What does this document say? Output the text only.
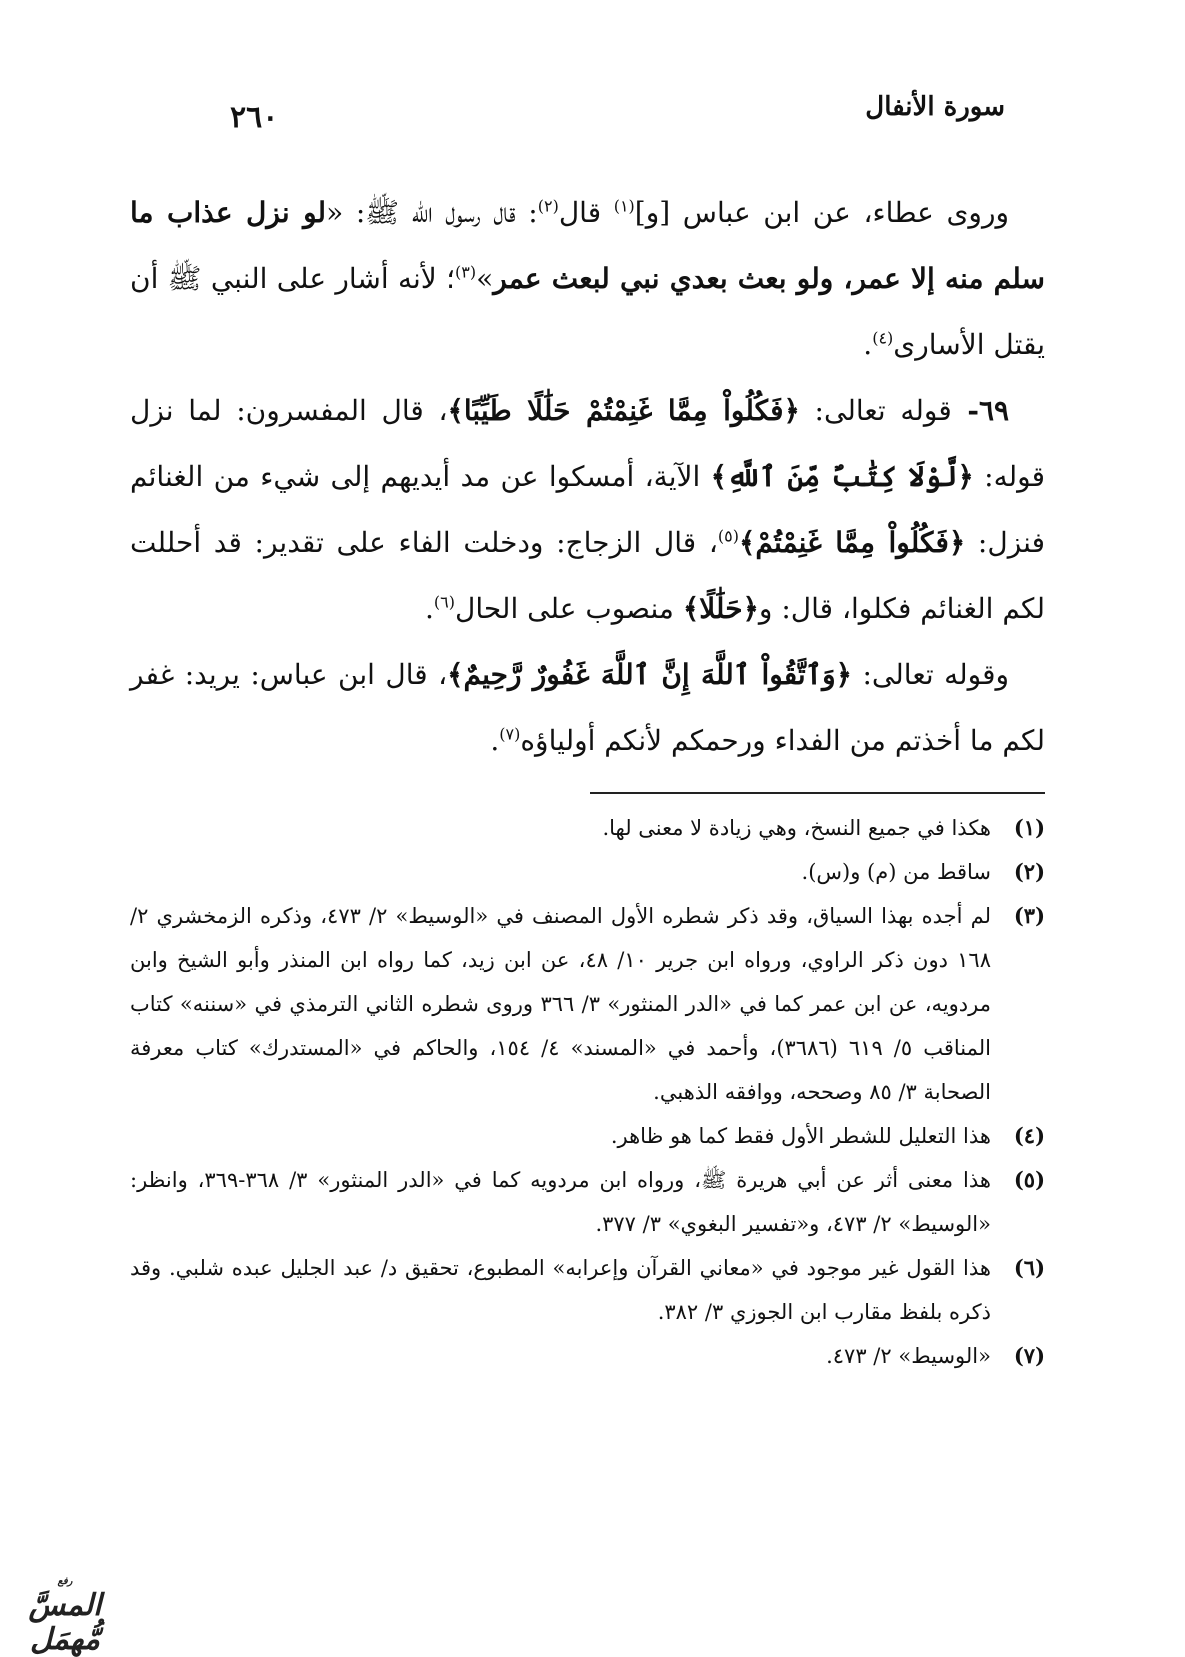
سورة الأنفال
٢٦٠

وروى عطاء، عن ابن عباس [و]$^{(١)}$ قال$^{(٢)}$: قال رسول الله ﷺ: «لو نزل عذاب ما سلم منه إلا عمر، ولو بعث بعدي نبي لبعث عمر»$^{(٣)}$؛ لأنه أشار على النبي ﷺ أن يقتل الأسارى$^{(٤)}$.

٦٩- قوله تعالى: ﴿فَكُلُواْ مِمَّا غَنِمْتُمْ حَلَٰلًا طَيِّبًا﴾، قال المفسرون: لما نزل قوله: ﴿لَّوْلَا كِتَٰبٌ مِّنَ ٱللَّهِ﴾ الآية، أمسكوا عن مد أيديهم إلى شيء من الغنائم فنزل: ﴿فَكُلُواْ مِمَّا غَنِمْتُمْ﴾$^{(٥)}$، قال الزجاج: ودخلت الفاء على تقدير: قد أحللت لكم الغنائم فكلوا، قال: و﴿حَلَٰلًا﴾ منصوب على الحال$^{(٦)}$.

وقوله تعالى: ﴿وَٱتَّقُواْ ٱللَّهَ إِنَّ ٱللَّهَ غَفُورٌ رَّحِيمٌ﴾، قال ابن عباس: يريد: غفر لكم ما أخذتم من الفداء ورحمكم لأنكم أولياؤه$^{(٧)}$.

(١)
هكذا في جميع النسخ، وهي زيادة لا معنى لها.
(٢)
ساقط من (م) و(س).
(٣)
لم أجده بهذا السياق، وقد ذكر شطره الأول المصنف في «الوسيط» ٢/ ٤٧٣، وذكره الزمخشري ٢/ ١٦٨ دون ذكر الراوي، ورواه ابن جرير ١٠/ ٤٨، عن ابن زيد، كما رواه ابن المنذر وأبو الشيخ وابن مردويه، عن ابن عمر كما في «الدر المنثور» ٣/ ٣٦٦ وروى شطره الثاني الترمذي في «سننه» كتاب المناقب ٥/ ٦١٩ (٣٦٨٦)، وأحمد في «المسند» ٤/ ١٥٤، والحاكم في «المستدرك» كتاب معرفة الصحابة ٣/ ٨٥ وصححه، ووافقه الذهبي.
(٤)
هذا التعليل للشطر الأول فقط كما هو ظاهر.
(٥)
هذا معنى أثر عن أبي هريرة ﷺ، ورواه ابن مردويه كما في «الدر المنثور» ٣/ ٣٦٨-٣٦٩، وانظر: «الوسيط» ٢/ ٤٧٣، و«تفسير البغوي» ٣/ ٣٧٧.
(٦)
هذا القول غير موجود في «معاني القرآن وإعرابه» المطبوع، تحقيق د/ عبد الجليل عبده شلبي. وقد ذكره بلفظ مقارب ابن الجوزي ٣/ ٣٨٢.
(٧)
«الوسيط» ٢/ ٤٧٣.
رفع
المسَّ مُّهمَل
